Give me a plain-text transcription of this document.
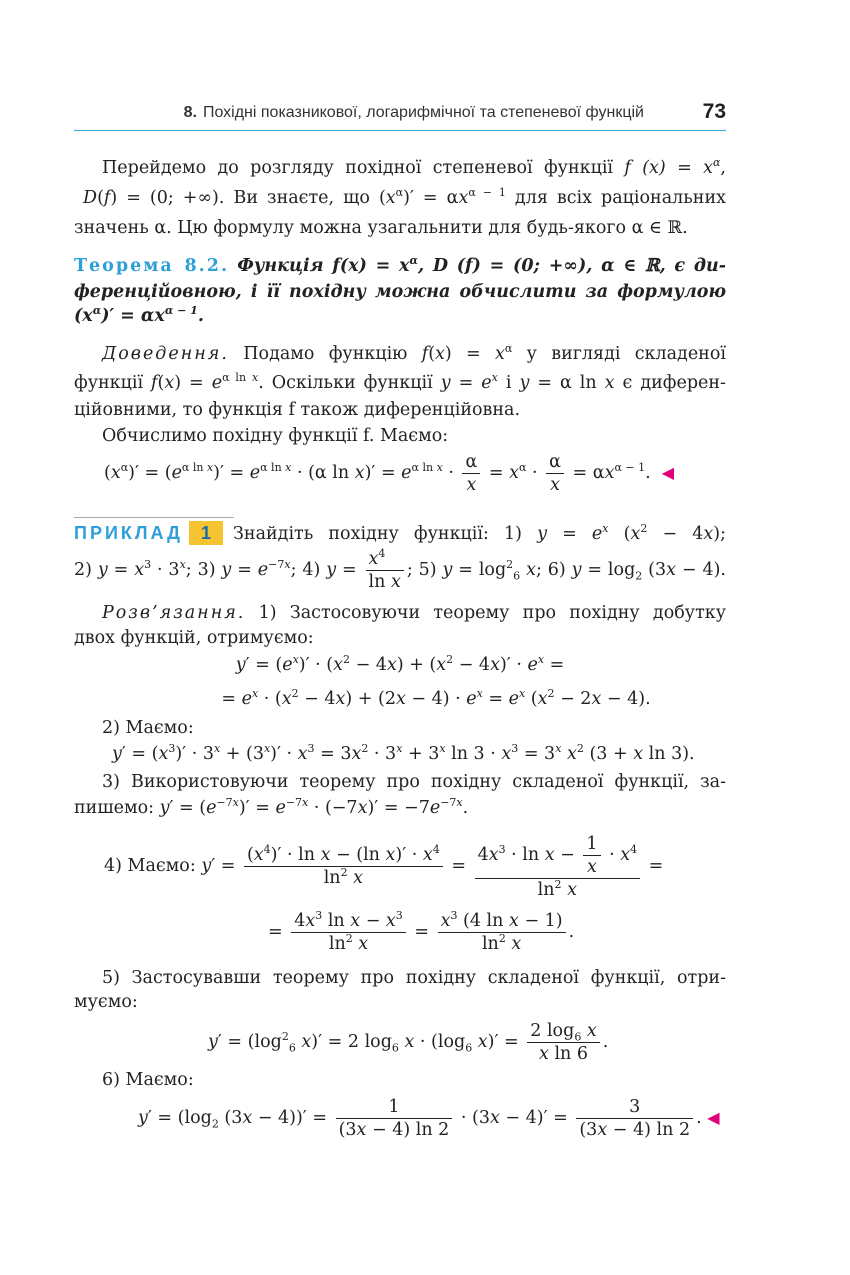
8. Похідні показникової, логарифмічної та степеневої функцій	73
Перейдемо до розгляду похідної степеневої функції f $(x) = x^\alpha$,
D(f) = (0; +∞). Ви знаєте, що $(x^\alpha)' = \alpha x^{\alpha - 1}$ для всіх раціональних
значень α. Цю формулу можна узагальнити для будь-якого α ∈ ℝ.
Теорема 8.2. Функція $f(x) = x^\alpha$, D (f) = (0; +∞), α ∈ ℝ, є ди-
ференційовною, і її похідну можна обчислити за формулою
$(x^\alpha)' = \alpha x^{\alpha - 1}$.
Доведення. Подамо функцію $f(x) = x^\alpha$ у вигляді складеної
функції $f(x) = e^{\alpha ln x}$. Оскільки функції $y = e^x$ і y = α ln x є диферен-
ційовними, то функція f також диференційовна.
Обчислимо похідну функції f. Маємо:
$(x^\alpha)' = (e^{\alpha ln x})' = e^{\alpha ln x} \cdot (\alpha$ $\ln x)' = e^{\alpha ln x} \cdot \frac{\alpha}{x} = x^\alpha \cdot \frac{\alpha}{x} = \alpha x^{\alpha - 1}$.  ◀
ПРИКЛАД 1 Знайдіть похідну функції: 1) $y = e^x$ $(x^2 - 4x)$;
2) $y = x^3 \cdot 3^x$; 3) $y = e^{-7x}$; 4) $y = \frac{x^4}{\text{ln x}}$ ; 5) $y = \log^2_6 x$; 6) $y = \log_2 (3x - 4)$.
Розв’язання. 1) Застосовуючи теорему про похідну добутку
двох функцій, отримуємо:
$y' = (e^x)' \cdot (x^2 - 4x) + (x^2 - 4x)' \cdot e^x$ =
= $e^x \cdot (x^2 - 4x) + (2x - 4) \cdot e^x = e^x$ $(x^2 - 2x - 4)$.
2) Маємо:
$y' = (x^3)' \cdot 3^x + (3^x)' \cdot x^3 = 3x^2 \cdot 3^x + 3^x$ $\ln 3 \cdot x^3 = 3^x$ $x^2$ (3 + x ln 3).
3) Використовуючи теорему про похідну складеної функції, за-
пишемо: $y' = (e^{-7x})' = e^{-7x} \cdot (-7x)' = -7e^{-7x}$.
4) Маємо: $y' = \frac{(x^4)' \cdot \ln x - (\ln x)' \cdot x^4}{\ln^2 x} = \frac{4x^3 \cdot \ln x - \frac{1}{x} \cdot x^4}{\ln^2 x}$ =
= $\frac{4x^3 \ln x - x^3}{\ln^2 x} = \frac{x^3 (4 \ln x - 1)}{\ln^2 x}$ .
5) Застосувавши теорему про похідну складеної функції, отри-
муємо:
$y' = (\log^2_6$ x)′ = 2 $\log_6 x \cdot (\log_6$ $x)' = \frac{2 \log_6 x}{\text{x ln 6}}$ .
6) Маємо:
$y' = (\log_2$ $(3x - 4))' = \frac{1}{(3x - 4) \ln 2} \cdot (3x - 4)' = \frac{3}{(3x - 4) \ln 2}$ . ◀
